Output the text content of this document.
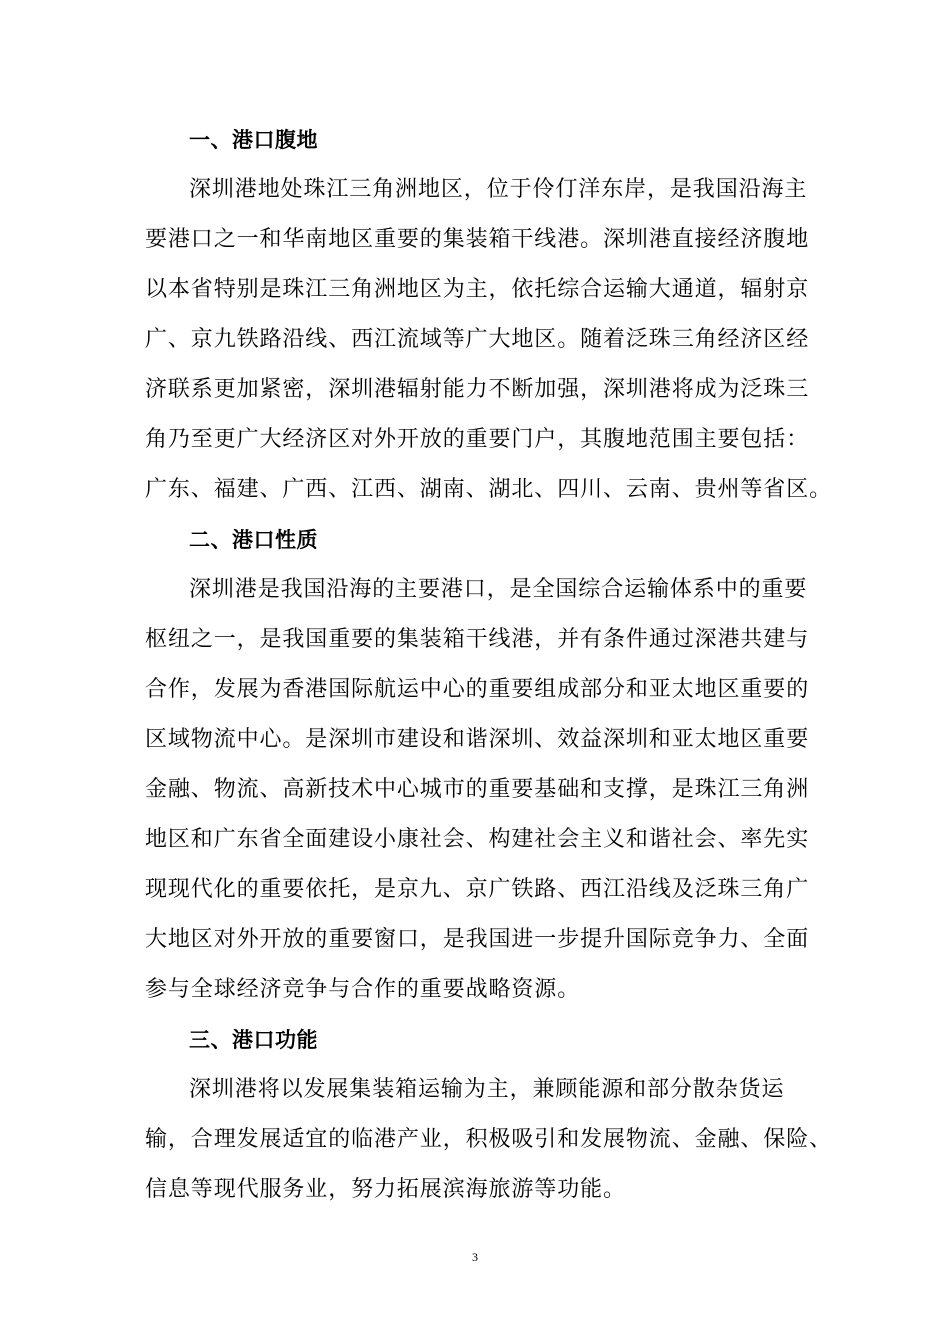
一、港口腹地
深圳港地处珠江三角洲地区，位于伶仃洋东岸，是我国沿海主
要港口之一和华南地区重要的集装箱干线港。深圳港直接经济腹地
以本省特别是珠江三角洲地区为主，依托综合运输大通道，辐射京
广、京九铁路沿线、西江流域等广大地区。随着泛珠三角经济区经
济联系更加紧密，深圳港辐射能力不断加强，深圳港将成为泛珠三
角乃至更广大经济区对外开放的重要门户，其腹地范围主要包括：
广东、福建、广西、江西、湖南、湖北、四川、云南、贵州等省区。
二、港口性质
深圳港是我国沿海的主要港口，是全国综合运输体系中的重要
枢纽之一，是我国重要的集装箱干线港，并有条件通过深港共建与
合作，发展为香港国际航运中心的重要组成部分和亚太地区重要的
区域物流中心。是深圳市建设和谐深圳、效益深圳和亚太地区重要
金融、物流、高新技术中心城市的重要基础和支撑，是珠江三角洲
地区和广东省全面建设小康社会、构建社会主义和谐社会、率先实
现现代化的重要依托，是京九、京广铁路、西江沿线及泛珠三角广
大地区对外开放的重要窗口，是我国进一步提升国际竞争力、全面
参与全球经济竞争与合作的重要战略资源。
三、港口功能
深圳港将以发展集装箱运输为主，兼顾能源和部分散杂货运
输，合理发展适宜的临港产业，积极吸引和发展物流、金融、保险、
信息等现代服务业，努力拓展滨海旅游等功能。
3
